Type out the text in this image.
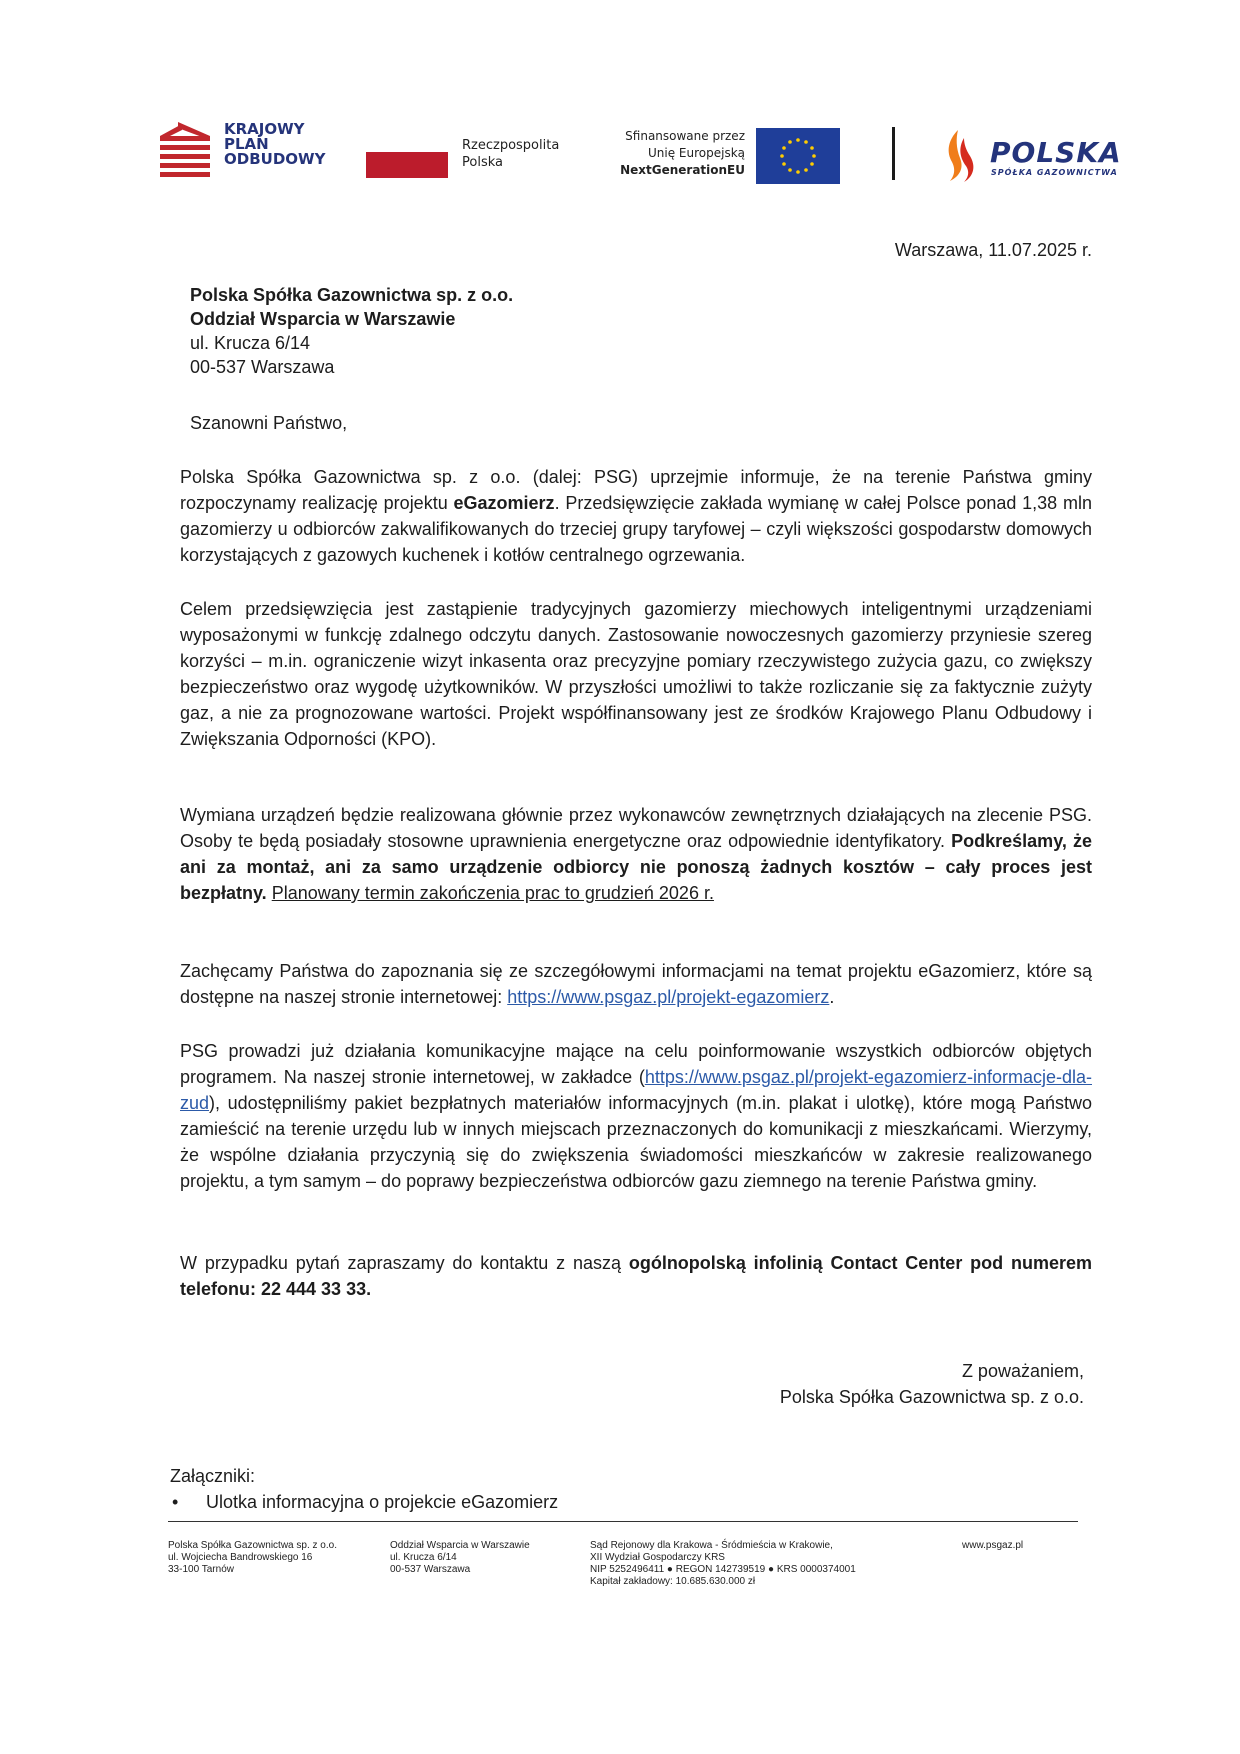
KRAJOWY
PLAN
ODBUDOWY
Rzeczpospolita
Polska
Sfinansowane przez
Unię Europejską
NextGenerationEU
POLSKA
SPÓŁKA GAZOWNICTWA
Warszawa, 11.07.2025 r.
Polska Spółka Gazownictwa sp. z o.o.
Oddział Wsparcia w Warszawie
ul. Krucza 6/14
00-537 Warszawa
Szanowni Państwo,
Polska Spółka Gazownictwa sp. z o.o. (dalej: PSG) uprzejmie informuje, że na terenie Państwa gminy rozpoczynamy realizację projektu eGazomierz. Przedsięwzięcie zakłada wymianę w całej Polsce ponad 1,38 mln gazomierzy u odbiorców zakwalifikowanych do trzeciej grupy taryfowej – czyli większości gospodarstw domowych korzystających z gazowych kuchenek i kotłów centralnego ogrzewania.
Celem przedsięwzięcia jest zastąpienie tradycyjnych gazomierzy miechowych inteligentnymi urządzeniami wyposażonymi w funkcję zdalnego odczytu danych. Zastosowanie nowoczesnych gazomierzy przyniesie szereg korzyści – m.in. ograniczenie wizyt inkasenta oraz precyzyjne pomiary rzeczywistego zużycia gazu, co zwiększy bezpieczeństwo oraz wygodę użytkowników. W przyszłości umożliwi to także rozliczanie się za faktycznie zużyty gaz, a nie za prognozowane wartości. Projekt współfinansowany jest ze środków Krajowego Planu Odbudowy i Zwiększania Odporności (KPO).
Wymiana urządzeń będzie realizowana głównie przez wykonawców zewnętrznych działających na zlecenie PSG. Osoby te będą posiadały stosowne uprawnienia energetyczne oraz odpowiednie identyfikatory. Podkreślamy, że ani za montaż, ani za samo urządzenie odbiorcy nie ponoszą żadnych kosztów – cały proces jest bezpłatny. Planowany termin zakończenia prac to grudzień 2026 r.
Zachęcamy Państwa do zapoznania się ze szczegółowymi informacjami na temat projektu eGazomierz, które są dostępne na naszej stronie internetowej: https://www.psgaz.pl/projekt-egazomierz.
PSG prowadzi już działania komunikacyjne mające na celu poinformowanie wszystkich odbiorców objętych programem. Na naszej stronie internetowej, w zakładce (https://www.psgaz.pl/projekt-egazomierz-informacje-dla-zud), udostępniliśmy pakiet bezpłatnych materiałów informacyjnych (m.in. plakat i ulotkę), które mogą Państwo zamieścić na terenie urzędu lub w innych miejscach przeznaczonych do komunikacji z mieszkańcami. Wierzymy, że wspólne działania przyczynią się do zwiększenia świadomości mieszkańców w zakresie realizowanego projektu, a tym samym – do poprawy bezpieczeństwa odbiorców gazu ziemnego na terenie Państwa gminy.
W przypadku pytań zapraszamy do kontaktu z naszą ogólnopolską infolinią Contact Center pod numerem telefonu: 22 444 33 33.
Z poważaniem,
Polska Spółka Gazownictwa sp. z o.o.
Załączniki:
• Ulotka informacyjna o projekcie eGazomierz
Polska Spółka Gazownictwa sp. z o.o.
ul. Wojciecha Bandrowskiego 16
33-100 Tarnów
Oddział Wsparcia w Warszawie
ul. Krucza 6/14
00-537 Warszawa
Sąd Rejonowy dla Krakowa - Śródmieścia w Krakowie,
XII Wydział Gospodarczy KRS
NIP 5252496411 ● REGON 142739519 ● KRS 0000374001
Kapitał zakładowy: 10.685.630.000 zł
www.psgaz.pl
